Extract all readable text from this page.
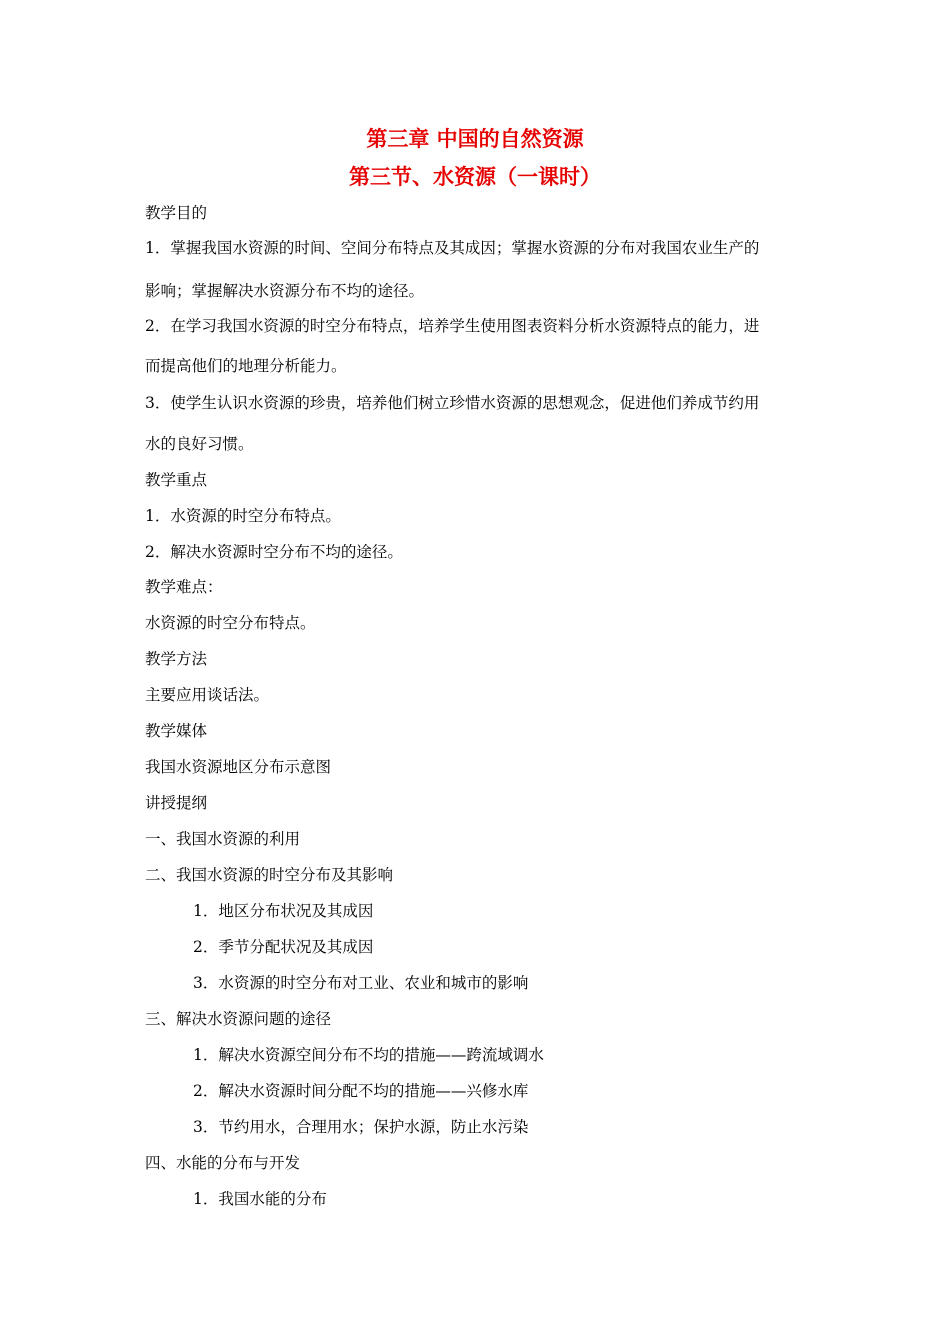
第三章 中国的自然资源
第三节、水资源（一课时）
教学目的
1．掌握我国水资源的时间、空间分布特点及其成因；掌握水资源的分布对我国农业生产的
影响；掌握解决水资源分布不均的途径。
2．在学习我国水资源的时空分布特点，培养学生使用图表资料分析水资源特点的能力，进
而提高他们的地理分析能力。
3．使学生认识水资源的珍贵，培养他们树立珍惜水资源的思想观念，促进他们养成节约用
水的良好习惯。
教学重点
1．水资源的时空分布特点。
2．解决水资源时空分布不均的途径。
教学难点：
水资源的时空分布特点。
教学方法
主要应用谈话法。
教学媒体
我国水资源地区分布示意图
讲授提纲
一、我国水资源的利用
二、我国水资源的时空分布及其影响
1．地区分布状况及其成因
2．季节分配状况及其成因
3．水资源的时空分布对工业、农业和城市的影响
三、解决水资源问题的途径
1．解决水资源空间分布不均的措施——跨流域调水
2．解决水资源时间分配不均的措施——兴修水库
3．节约用水，合理用水；保护水源，防止水污染
四、水能的分布与开发
1．我国水能的分布
